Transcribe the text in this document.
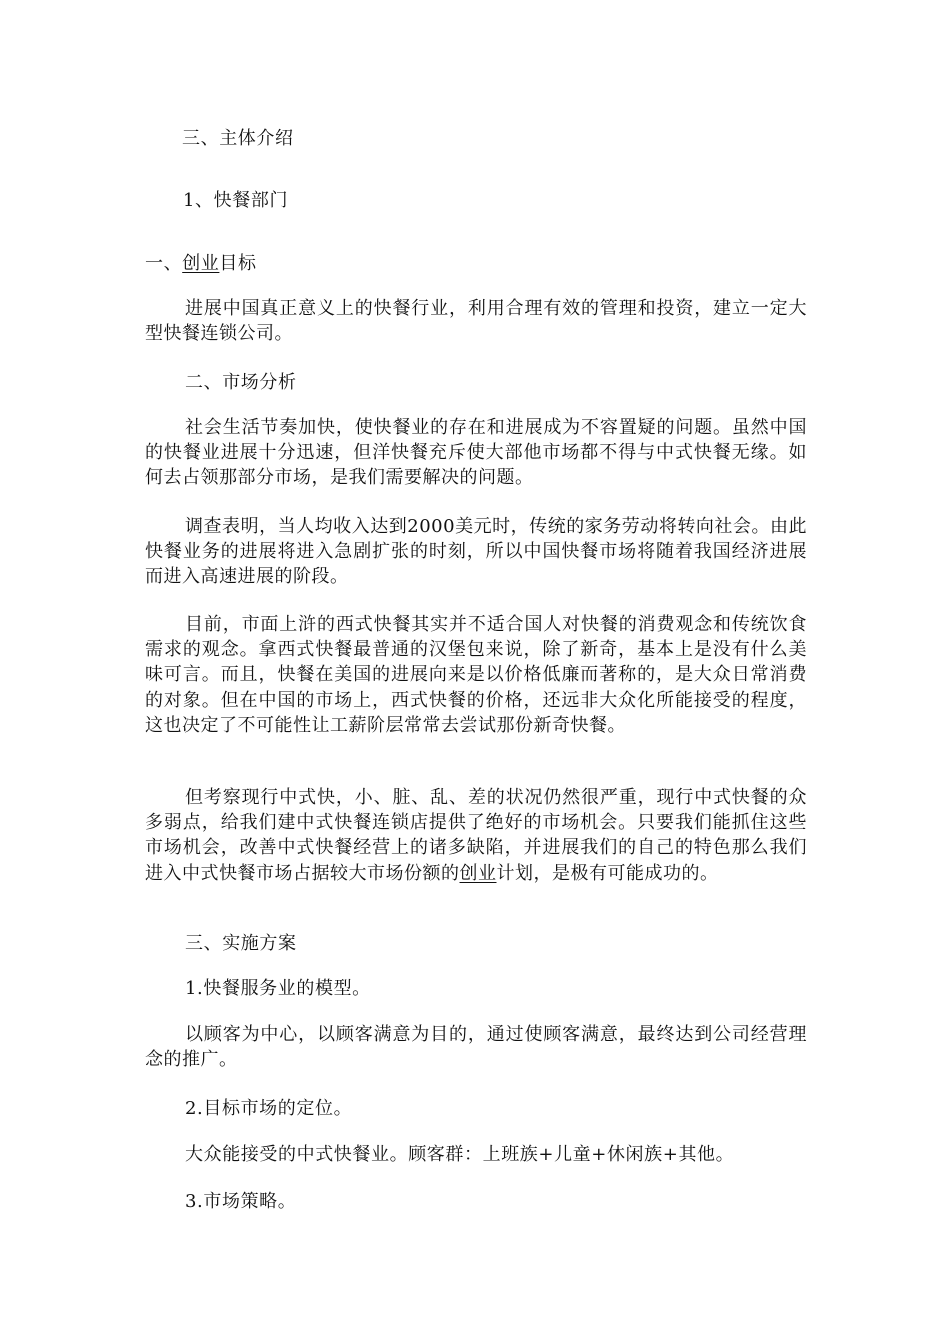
三、主体介绍
1、快餐部门
一、创业目标

进展中国真正意义上的快餐行业，利用合理有效的管理和投资，建立一定大型快餐连锁公司。

二、市场分析

社会生活节奏加快，使快餐业的存在和进展成为不容置疑的问题。虽然中国的快餐业进展十分迅速，但洋快餐充斥使大部他市场都不得与中式快餐无缘。如何去占领那部分市场，是我们需要解决的问题。

调查表明，当人均收入达到2000美元时，传统的家务劳动将转向社会。由此快餐业务的进展将进入急剧扩张的时刻，所以中国快餐市场将随着我国经济进展而进入高速进展的阶段。

目前，市面上浒的西式快餐其实并不适合国人对快餐的消费观念和传统饮食需求的观念。拿西式快餐最普通的汉堡包来说，除了新奇，基本上是没有什么美味可言。而且，快餐在美国的进展向来是以价格低廉而著称的，是大众日常消费的对象。但在中国的市场上，西式快餐的价格，还远非大众化所能接受的程度，这也决定了不可能性让工薪阶层常常去尝试那份新奇快餐。

但考察现行中式快，小、脏、乱、差的状况仍然很严重，现行中式快餐的众多弱点，给我们建中式快餐连锁店提供了绝好的市场机会。只要我们能抓住这些市场机会，改善中式快餐经营上的诸多缺陷，并进展我们的自己的特色那么我们进入中式快餐市场占据较大市场份额的创业计划，是极有可能成功的。

三、实施方案
1.快餐服务业的模型。

以顾客为中心，以顾客满意为目的，通过使顾客满意，最终达到公司经营理念的推广。

2.目标市场的定位。
大众能接受的中式快餐业。顾客群：上班族+儿童+休闲族+其他。
3.市场策略。
